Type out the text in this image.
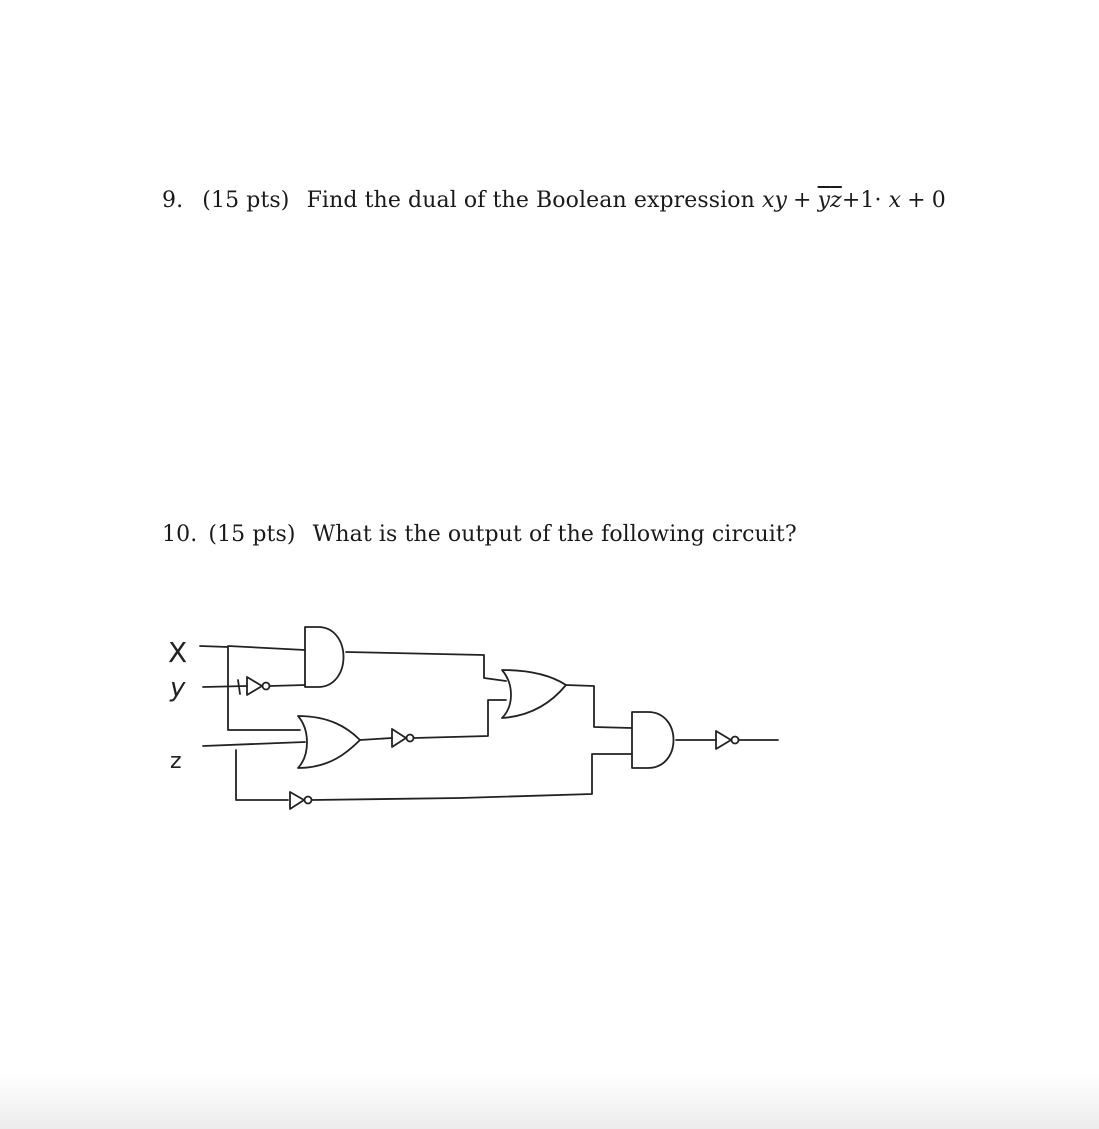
9. (15 pts) Find the dual of the Boolean expression xy + $\overline{y}\overline{z}+1\cdot x + 0$
10. (15 pts) What is the output of the following circuit?
X
y
z
